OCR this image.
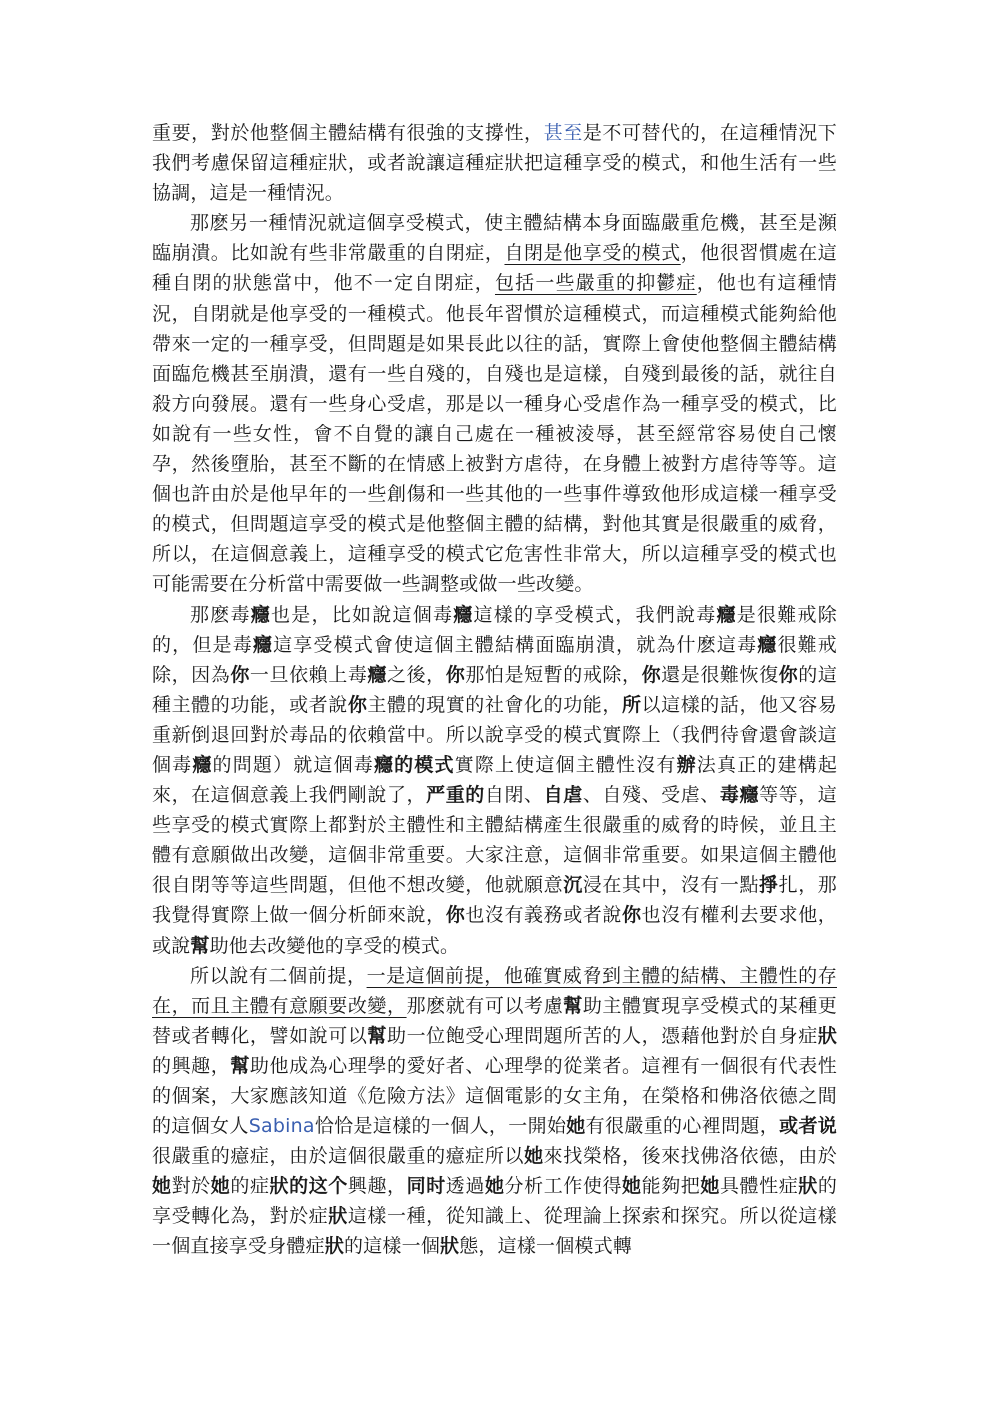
重要，對於他整個主體結構有很強的支撐性，甚至是不可替代的，在這種情況下我們考慮保留這種症狀，或者說讓這種症狀把這種享受的模式，和他生活有一些協調，這是一種情況。

那麽另一種情況就這個享受模式，使主體結構本身面臨嚴重危機，甚至是瀕臨崩潰。比如說有些非常嚴重的自閉症，自閉是他享受的模式，他很習慣處在這種自閉的狀態當中，他不一定自閉症，包括一些嚴重的抑鬱症，他也有這種情況，自閉就是他享受的一種模式。他長年習慣於這種模式，而這種模式能夠給他帶來一定的一種享受，但問題是如果長此以往的話，實際上會使他整個主體結構面臨危機甚至崩潰，還有一些自殘的，自殘也是這樣，自殘到最後的話，就往自殺方向發展。還有一些身心受虐，那是以一種身心受虐作為一種享受的模式，比如說有一些女性，會不自覺的讓自己處在一種被淩辱，甚至經常容易使自己懷孕，然後墮胎，甚至不斷的在情感上被對方虐待，在身體上被對方虐待等等。這個也許由於是他早年的一些創傷和一些其他的一些事件導致他形成這樣一種享受的模式，但問題這享受的模式是他整個主體的結構，對他其實是很嚴重的威脅，所以，在這個意義上，這種享受的模式它危害性非常大，所以這種享受的模式也可能需要在分析當中需要做一些調整或做一些改變。

那麽毒癮也是，比如說這個毒癮這樣的享受模式，我們說毒癮是很難戒除的，但是毒癮這享受模式會使這個主體結構面臨崩潰，就為什麽這毒癮很難戒除，因為你一旦依賴上毒癮之後，你那怕是短暫的戒除，你還是很難恢復你的這種主體的功能，或者說你主體的現實的社會化的功能，所以這樣的話，他又容易重新倒退回對於毒品的依賴當中。所以說享受的模式實際上（我們待會還會談這個毒癮的問題）就這個毒癮的模式實際上使這個主體性沒有辦法真正的建構起來，在這個意義上我們剛說了，严重的自閉、自虐、自殘、受虐、毒癮等等，這些享受的模式實際上都對於主體性和主體結構產生很嚴重的威脅的時候，並且主體有意願做出改變，這個非常重要。大家注意，這個非常重要。如果這個主體他很自閉等等這些問題，但他不想改變，他就願意沉浸在其中，沒有一點掙扎，那我覺得實際上做一個分析師來說，你也沒有義務或者說你也沒有權利去要求他，或說幫助他去改變他的享受的模式。

所以說有二個前提，一是這個前提，他確實威脅到主體的結構、主體性的存在，而且主體有意願要改變，那麽就有可以考慮幫助主體實現享受模式的某種更替或者轉化，譬如說可以幫助一位飽受心理問題所苦的人，憑藉他對於自身症狀的興趣，幫助他成為心理學的愛好者、心理學的從業者。這裡有一個很有代表性的個案，大家應該知道《危險方法》這個電影的女主角，在榮格和佛洛依德之間的這個女人Sabina恰恰是這樣的一個人，一開始她有很嚴重的心裡問題，或者说很嚴重的癔症，由於這個很嚴重的癔症所以她來找榮格，後來找佛洛依德，由於她對於她的症狀的这个興趣，同时透過她分析工作使得她能夠把她具體性症狀的享受轉化為，對於症狀這樣一種，從知識上、從理論上探索和探究。所以從這樣一個直接享受身體症狀的這樣一個狀態，這樣一個模式轉
